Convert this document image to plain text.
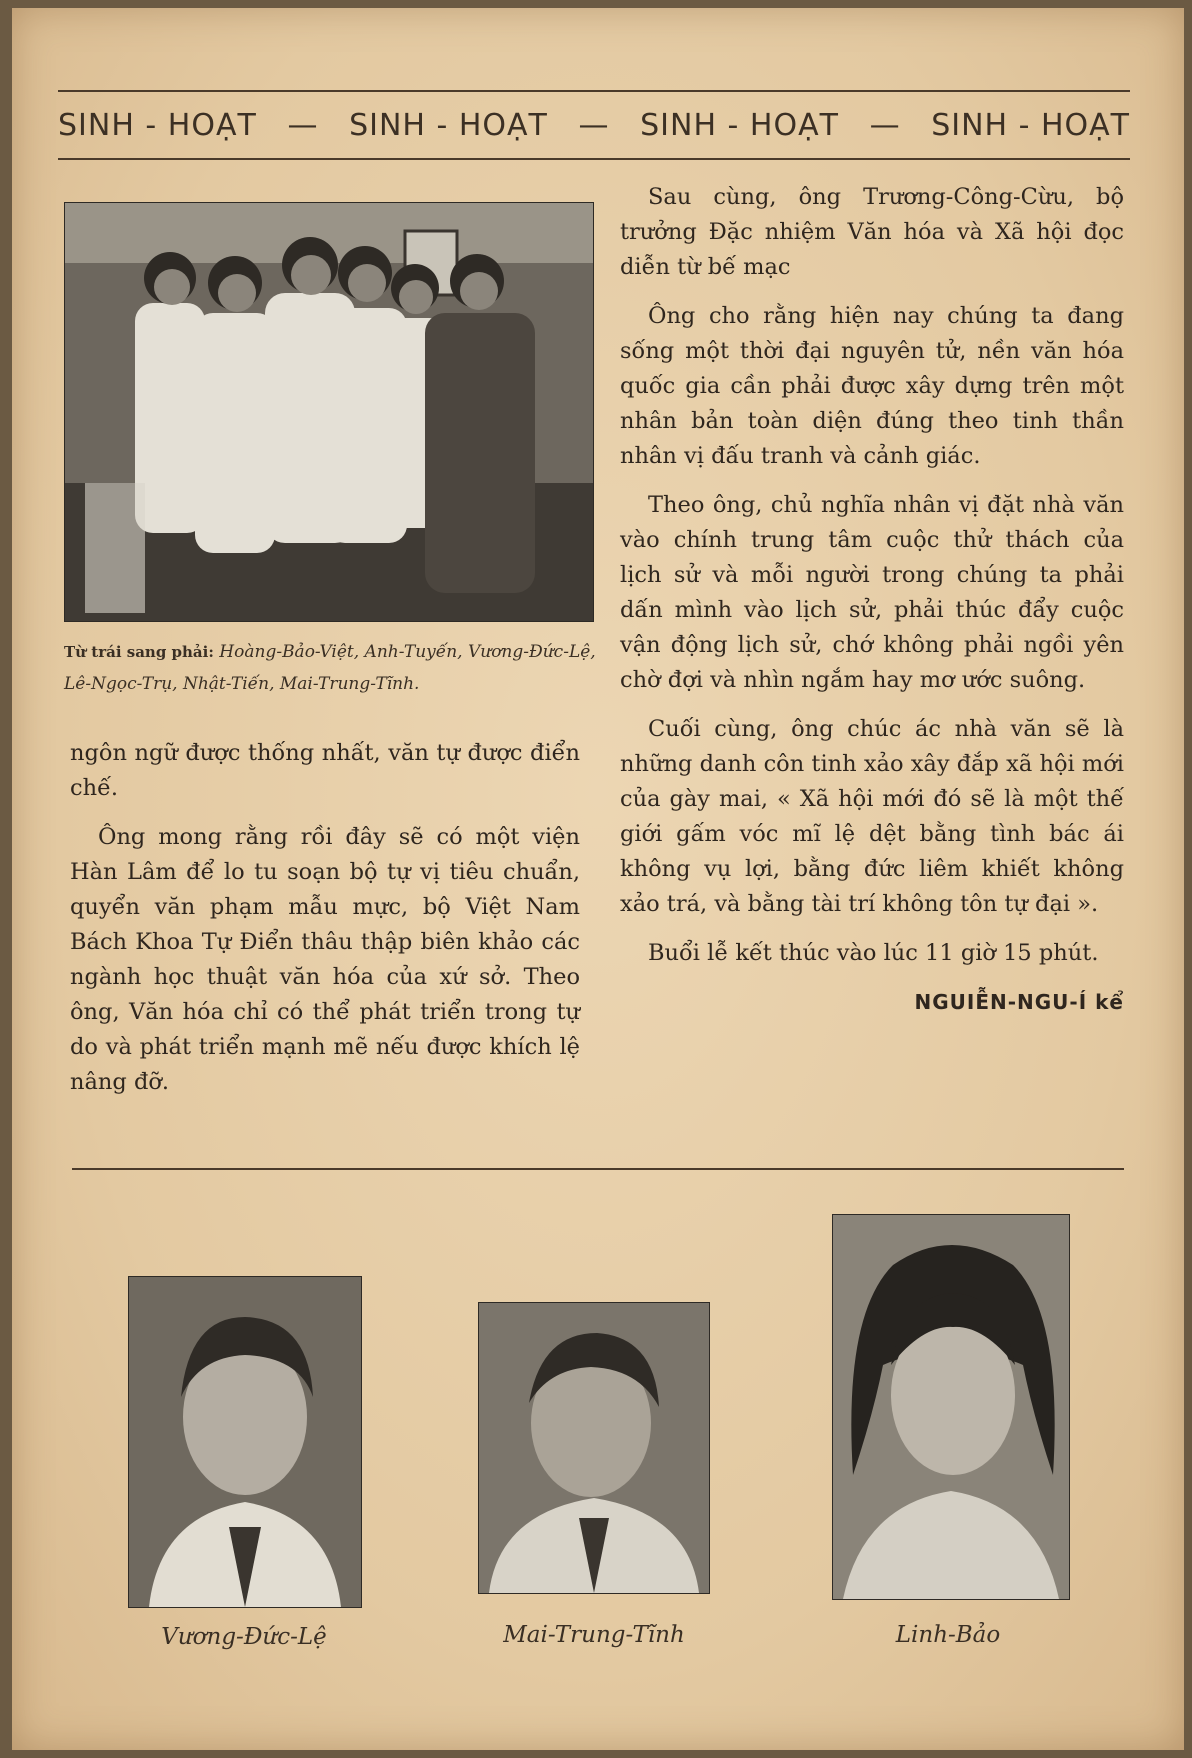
SINH - HOẠT — SINH - HOẠT — SINH - HOẠT — SINH - HOẠT
Từ trái sang phải: Hoàng-Bảo-Việt, Anh-Tuyến, Vương-Đức-Lệ, Lê-Ngọc-Trụ, Nhật-Tiến, Mai-Trung-Tĩnh.

ngôn ngữ được thống nhất, văn tự được điển chế.

Ông mong rằng rồi đây sẽ có một viện Hàn Lâm để lo tu soạn bộ tự vị tiêu chuẩn, quyển văn phạm mẫu mực, bộ Việt Nam Bách Khoa Tự Điển thâu thập biên khảo các ngành học thuật văn hóa của xứ sở. Theo ông, Văn hóa chỉ có thể phát triển trong tự do và phát triển mạnh mẽ nếu được khích lệ nâng đỡ.

Sau cùng, ông Trương-Công-Cừu, bộ trưởng Đặc nhiệm Văn hóa và Xã hội đọc diễn từ bế mạc

Ông cho rằng hiện nay chúng ta đang sống một thời đại nguyên tử, nền văn hóa quốc gia cần phải được xây dựng trên một nhân bản toàn diện đúng theo tinh thần nhân vị đấu tranh và cảnh giác.

Theo ông, chủ nghĩa nhân vị đặt nhà văn vào chính trung tâm cuộc thử thách của lịch sử và mỗi người trong chúng ta phải dấn mình vào lịch sử, phải thúc đẩy cuộc vận động lịch sử, chớ không phải ngồi yên chờ đợi và nhìn ngắm hay mơ ước suông.

Cuối cùng, ông chúc ác nhà văn sẽ là những danh côn tinh xảo xây đắp xã hội mới của gày mai, « Xã hội mới đó sẽ là một thế giới gấm vóc mĩ lệ dệt bằng tình bác ái không vụ lợi, bằng đức liêm khiết không xảo trá, và bằng tài trí không tôn tự đại ».

Buổi lễ kết thúc vào lúc 11 giờ 15 phút.

NGUIỄN-NGU-Í kể

Vương-Đức-Lệ	Mai-Trung-Tĩnh	Linh-Bảo
